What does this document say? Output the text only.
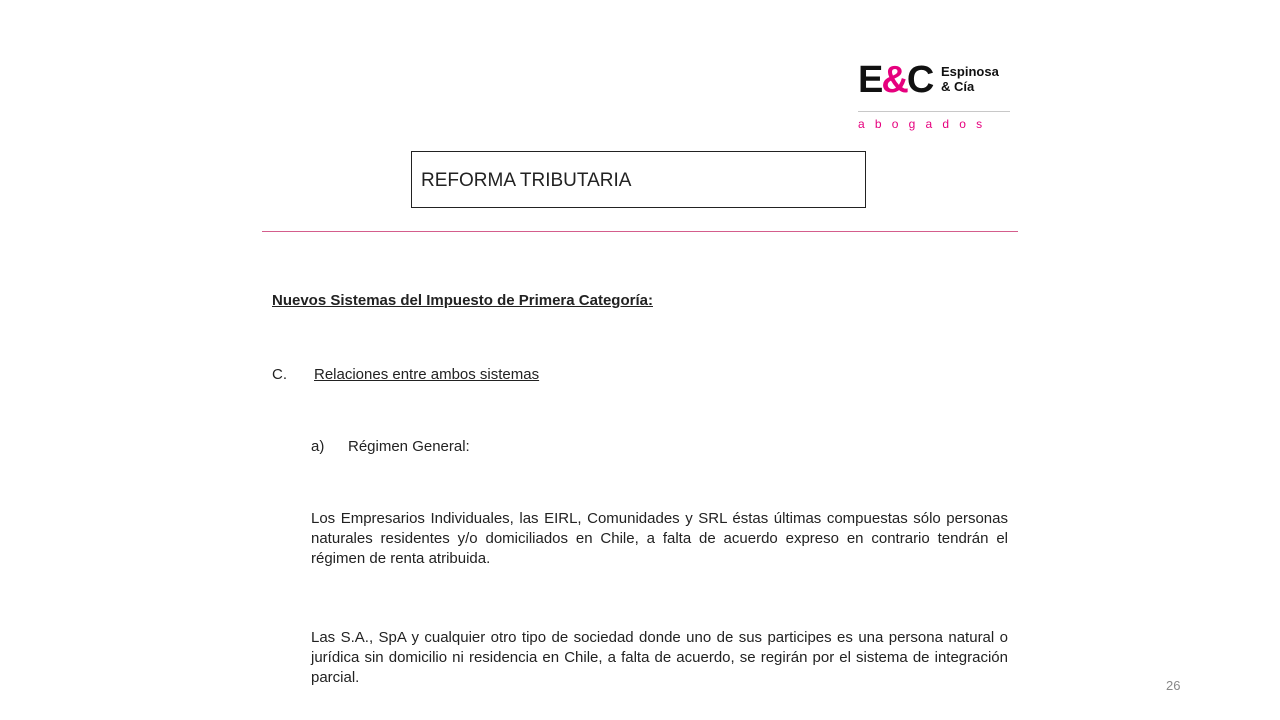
E&C Espinosa
& Cía
abogados
REFORMA TRIBUTARIA
Nuevos Sistemas del Impuesto de Primera Categoría:
C. Relaciones entre ambos sistemas
a) Régimen General:

Los Empresarios Individuales, las EIRL, Comunidades y SRL éstas últimas compuestas sólo personas naturales residentes y/o domiciliados en Chile, a falta de acuerdo expreso en contrario tendrán el régimen de renta atribuida.

Las S.A., SpA y cualquier otro tipo de sociedad donde uno de sus participes es una persona natural o jurídica sin domicilio ni residencia en Chile, a falta de acuerdo, se regirán por el sistema de integración parcial.	26
